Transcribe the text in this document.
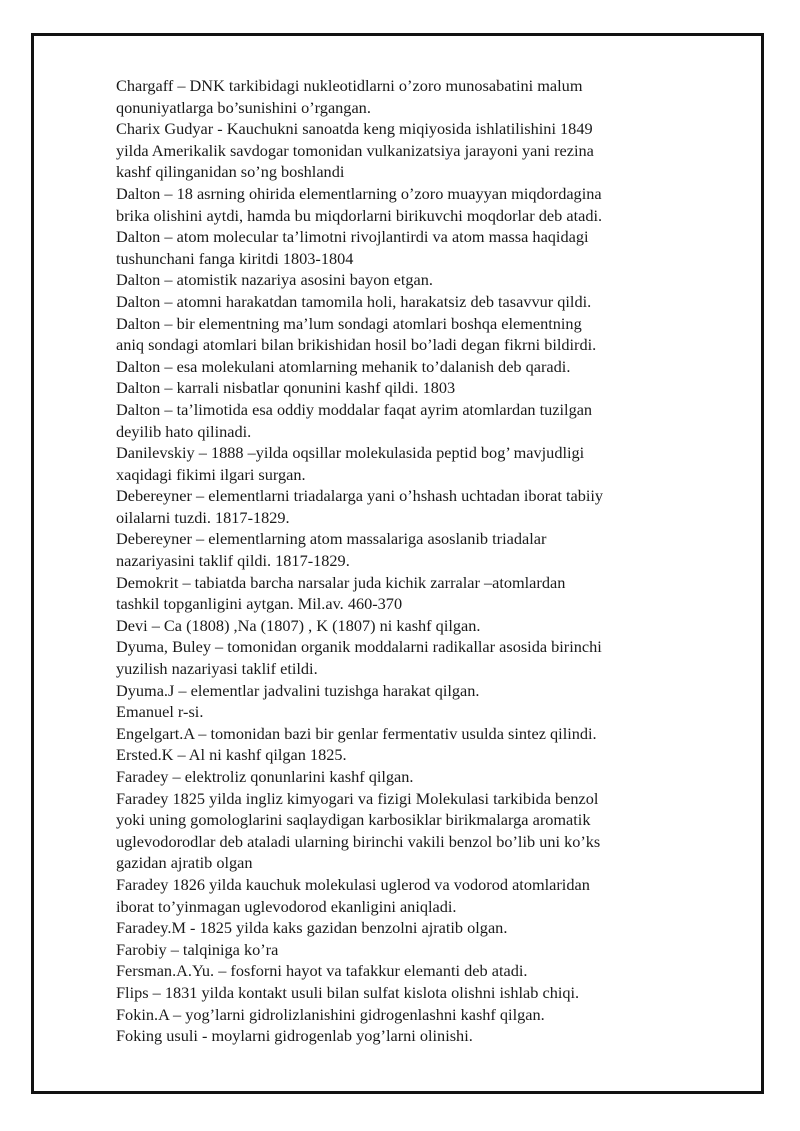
Chargaff – DNK tarkibidagi nukleotidlarni o’zoro munosabatini malum
qonuniyatlarga bo’sunishini o’rgangan.
Charix Gudyar - Kauchukni sanoatda keng miqiyosida ishlatilishini 1849
yilda Amerikalik savdogar tomonidan vulkanizatsiya jarayoni yani rezina
kashf qilinganidan so’ng boshlandi
Dalton – 18 asrning ohirida elementlarning o’zoro muayyan miqdordagina
brika olishini aytdi, hamda bu miqdorlarni birikuvchi moqdorlar deb atadi.
Dalton – atom molecular ta’limotni rivojlantirdi va atom massa haqidagi
tushunchani fanga kiritdi 1803-1804
Dalton – atomistik nazariya asosini bayon etgan.
Dalton – atomni harakatdan tamomila holi, harakatsiz deb tasavvur qildi.
Dalton – bir elementning ma’lum sondagi atomlari boshqa elementning
aniq sondagi atomlari bilan brikishidan hosil bo’ladi degan fikrni bildirdi.
Dalton – esa molekulani atomlarning mehanik to’dalanish deb qaradi.
Dalton – karrali nisbatlar qonunini kashf qildi. 1803
Dalton – ta’limotida esa oddiy moddalar faqat ayrim atomlardan tuzilgan
deyilib hato qilinadi.
Danilevskiy – 1888 –yilda oqsillar molekulasida peptid bog’ mavjudligi
xaqidagi fikimi ilgari surgan.
Debereyner – elementlarni triadalarga yani o’hshash uchtadan iborat tabiiy
oilalarni tuzdi. 1817-1829.
Debereyner – elementlarning atom massalariga asoslanib triadalar
nazariyasini taklif qildi. 1817-1829.
Demokrit – tabiatda barcha narsalar juda kichik zarralar –atomlardan
tashkil topganligini aytgan. Mil.av. 460-370
Devi – Ca (1808) ,Na (1807) , K (1807) ni kashf qilgan.
Dyuma, Buley – tomonidan organik moddalarni radikallar asosida birinchi
yuzilish nazariyasi taklif etildi.
Dyuma.J – elementlar jadvalini tuzishga harakat qilgan.
Emanuel r-si.
Engelgart.A – tomonidan bazi bir genlar fermentativ usulda sintez qilindi.
Ersted.K – Al ni kashf qilgan 1825.
Faradey – elektroliz qonunlarini kashf qilgan.
Faradey 1825 yilda ingliz kimyogari va fizigi Molekulasi tarkibida benzol
yoki uning gomologlarini saqlaydigan karbosiklar birikmalarga aromatik
uglevodorodlar deb ataladi ularning birinchi vakili benzol bo’lib uni ko’ks
gazidan ajratib olgan
Faradey 1826 yilda kauchuk molekulasi uglerod va vodorod atomlaridan
iborat to’yinmagan uglevodorod ekanligini aniqladi.
Faradey.M - 1825 yilda kaks gazidan benzolni ajratib olgan.
Farobiy – talqiniga ko’ra
Fersman.A.Yu. – fosforni hayot va tafakkur elemanti deb atadi.
Flips – 1831 yilda kontakt usuli bilan sulfat kislota olishni ishlab chiqi.
Fokin.A – yog’larni gidrolizlanishini gidrogenlashni kashf qilgan.
Foking usuli - moylarni gidrogenlab yog’larni olinishi.
